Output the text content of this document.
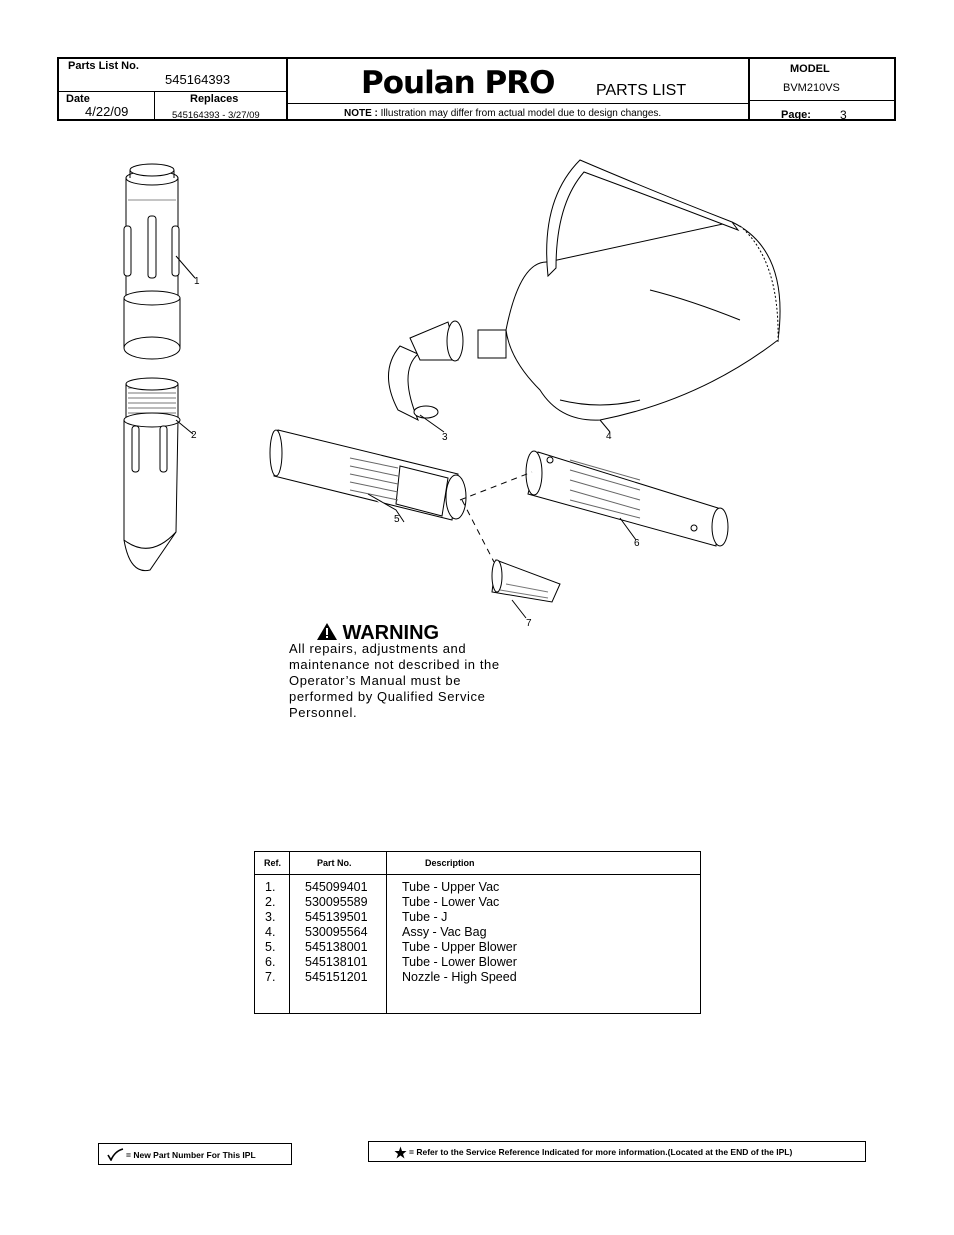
Parts List No.
545164393
Date
4/22/09
Replaces
545164393 - 3/27/09
Poulan PRO	PARTS LIST
NOTE : Illustration may differ from actual model due to design changes.
MODEL
BVM210VS
Page: 3
1
2	3	4
5
6
7
WARNING
All repairs, adjustments and maintenance not described in the Operator’s Manual must be performed by Qualified Service Personnel.
Ref.	Part No.	Description
1. 545099401	Tube - Upper Vac
2. 530095589	Tube - Lower Vac
3. 545139501	Tube - J
4. 530095564	Assy - Vac Bag
5. 545138001	Tube - Upper Blower
6. 545138101	Tube - Lower Blower
7. 545151201	Nozzle - High Speed
= New Part Number For This IPL	= Refer to the Service Reference Indicated for more information.(Located at the END of the IPL)
